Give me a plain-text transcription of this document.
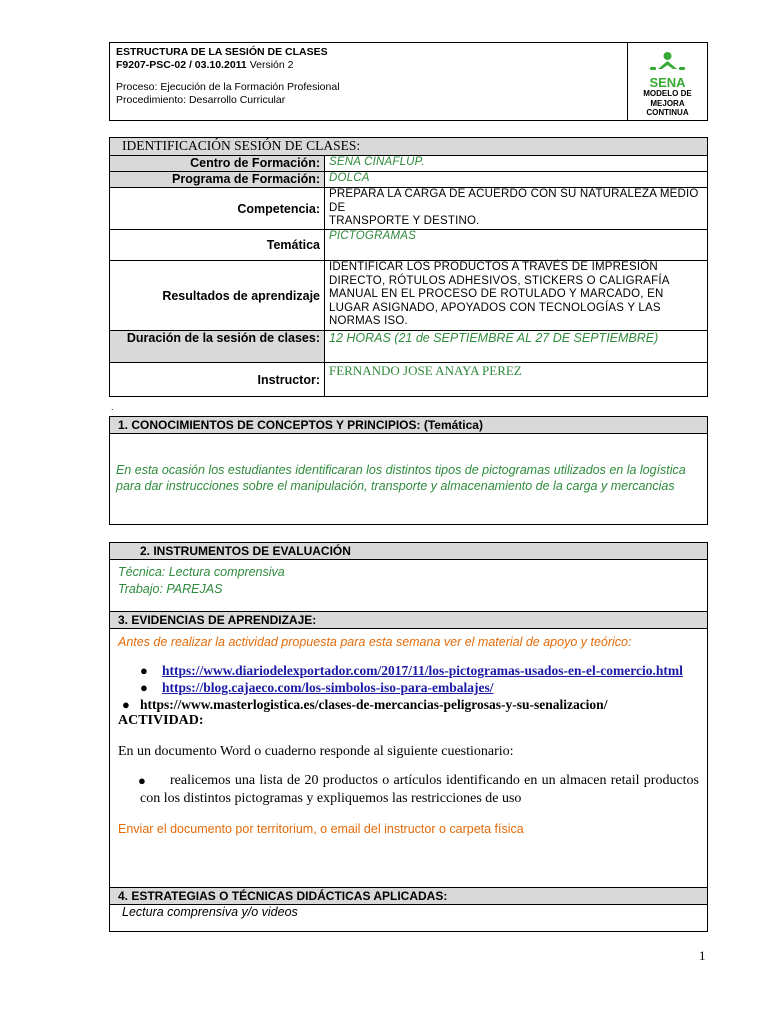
ESTRUCTURA DE LA SESIÓN DE CLASES
F9207-PSC-02 / 03.10.2011 Versión 2
Proceso: Ejecución de la Formación Profesional
Procedimiento: Desarrollo Curricular
SENA
MODELO DE
MEJORA
CONTINUA
IDENTIFICACIÓN SESIÓN DE CLASES:	
Centro de Formación:	SENA CINAFLUP.
Programa de Formación:	DOLCA
Competencia:	PREPARA LA CARGA DE ACUERDO CON SU NATURALEZA MEDIO DE
TRANSPORTE Y DESTINO.
Temática	PICTOGRAMAS
Resultados de aprendizaje	IDENTIFICAR LOS PRODUCTOS A TRAVÉS DE IMPRESIÓN DIRECTO, RÓTULOS ADHESIVOS, STICKERS O CALIGRAFÍA MANUAL EN EL PROCESO DE ROTULADO Y MARCADO, EN LUGAR ASIGNADO, APOYADOS CON TECNOLOGÍAS Y LAS NORMAS ISO.
Duración de la sesión de clases:	12 HORAS (21 de SEPTIEMBRE AL 27 DE SEPTIEMBRE)
Instructor:	FERNANDO JOSE ANAYA PEREZ
.
1. CONOCIMIENTOS DE CONCEPTOS Y PRINCIPIOS: (Temática)
En esta ocasión los estudiantes identificaran los distintos tipos de pictogramas utilizados en la logística para dar instrucciones sobre el manipulación, transporte y almacenamiento de la carga y mercancias
2. INSTRUMENTOS DE EVALUACIÓN
Técnica: Lectura comprensiva
Trabajo: PAREJAS
3. EVIDENCIAS DE APRENDIZAJE:
Antes de realizar la actividad propuesta para esta semana ver el material de apoyo y teórico:
● https://www.diariodelexportador.com/2017/11/los-pictogramas-usados-en-el-comercio.html
● https://blog.cajaeco.com/los-simbolos-iso-para-embalajes/
● https://www.masterlogistica.es/clases-de-mercancias-peligrosas-y-su-senalizacion/
ACTIVIDAD:
En un documento Word o cuaderno responde al siguiente cuestionario:
● realicemos una lista de 20 productos o artículos identificando en un almacen retail productos con los distintos pictogramas y expliquemos las restricciones de uso
Enviar el documento por territorium, o email del instructor o carpeta física
4. ESTRATEGIAS O TÉCNICAS DIDÁCTICAS APLICADAS:
Lectura comprensiva y/o videos
1
